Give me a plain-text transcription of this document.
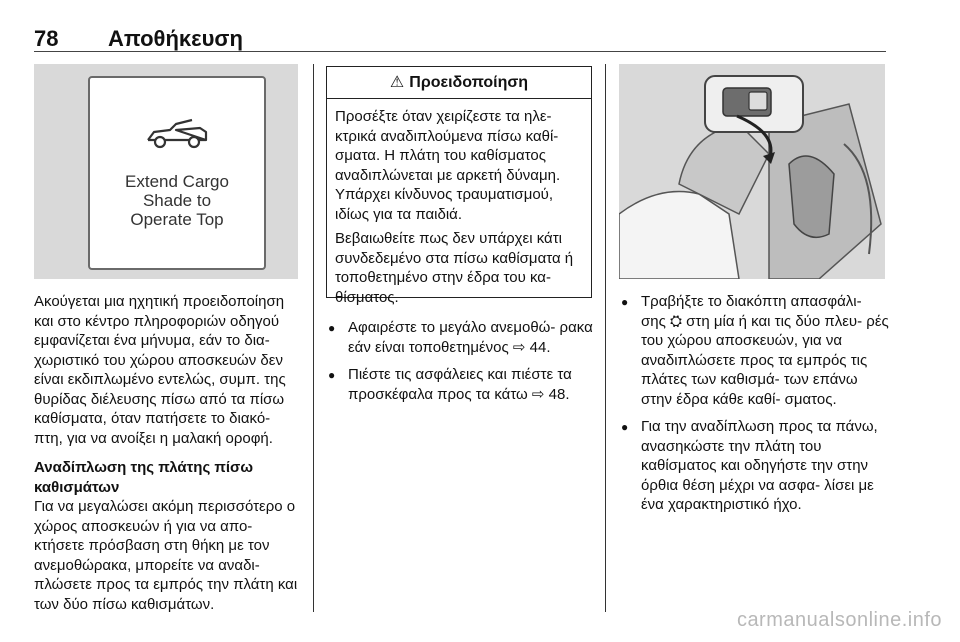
78 Αποθήκευση
Extend Cargo
Shade to
Operate Top

Ακούγεται μια ηχητική προειδοποίηση και στο κέντρο πληροφοριών οδηγού εμφανίζεται ένα μήνυμα, εάν το δια- χωριστικό του χώρου αποσκευών δεν είναι εκδιπλωμένο εντελώς, συμπ. της θυρίδας διέλευσης πίσω από τα πίσω καθίσματα, όταν πατήσετε το διακό- πτη, για να ανοίξει η μαλακή οροφή.

Αναδίπλωση της πλάτης πίσω καθισμάτων

Για να μεγαλώσει ακόμη περισσότερο ο χώρος αποσκευών ή για να απο- κτήσετε πρόσβαση στη θήκη με τον ανεμοθώρακα, μπορείτε να αναδι- πλώσετε προς τα εμπρός την πλάτη και των δύο πίσω καθισμάτων.

⚠ Προειδοποίηση

Προσέξτε όταν χειρίζεστε τα ηλε- κτρικά αναδιπλούμενα πίσω καθί- σματα. Η πλάτη του καθίσματος αναδιπλώνεται με αρκετή δύναμη. Υπάρχει κίνδυνος τραυματισμού, ιδίως για τα παιδιά.

Βεβαιωθείτε πως δεν υπάρχει κάτι συνδεδεμένο στα πίσω καθίσματα ή τοποθετημένο στην έδρα του κα- θίσματος.

● Αφαιρέστε το μεγάλο ανεμοθώ- ρακα εάν είναι τοποθετημένος ⇨ 44.

● Πιέστε τις ασφάλειες και πιέστε τα προσκέφαλα προς τα κάτω ⇨ 48.

● Τραβήξτε το διακόπτη απασφάλι- σης ⛭ στη μία ή και τις δύο πλευ- ρές του χώρου αποσκευών, για να αναδιπλώσετε προς τα εμπρός τις πλάτες των καθισμά- των επάνω στην έδρα κάθε καθί- σματος.

● Για την αναδίπλωση προς τα πάνω, ανασηκώστε την πλάτη του καθίσματος και οδηγήστε την στην όρθια θέση μέχρι να ασφα- λίσει με ένα χαρακτηριστικό ήχο.

carmanualsonline.info
